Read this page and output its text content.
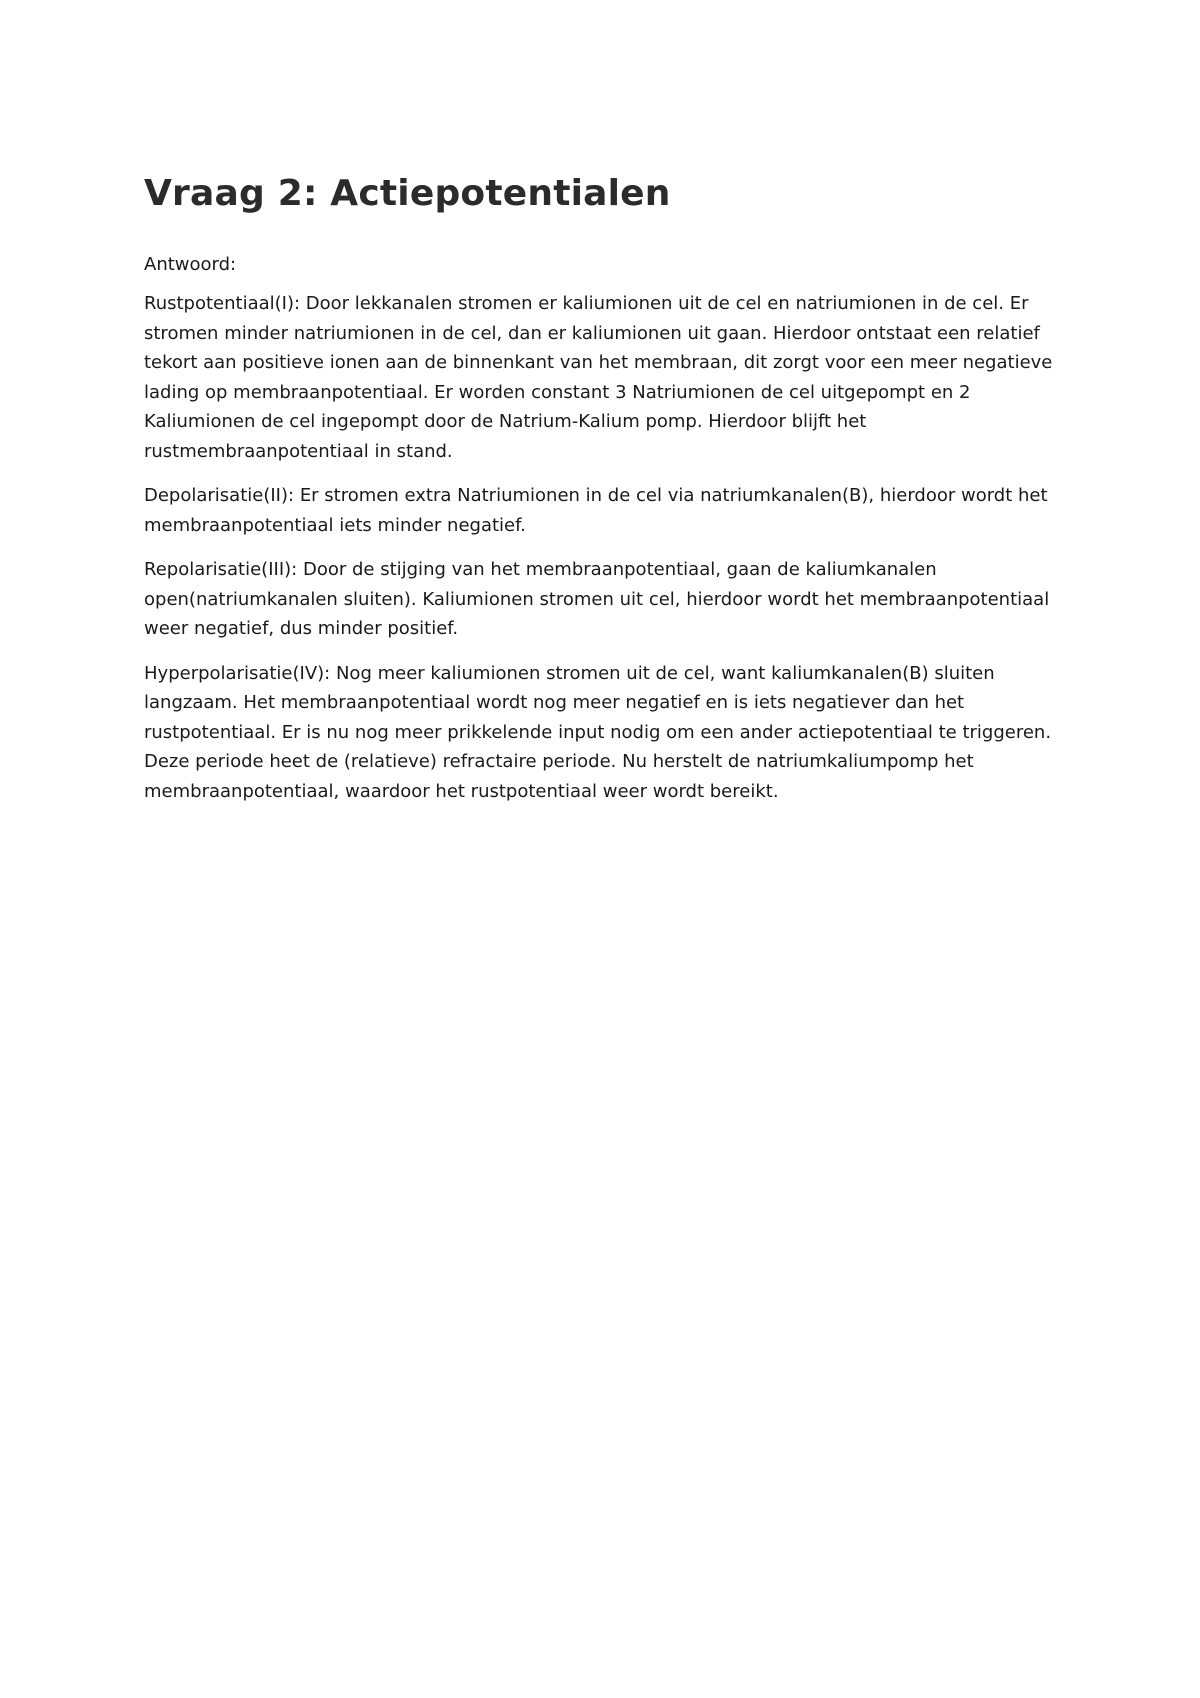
Vraag 2: Actiepotentialen

Antwoord:

Rustpotentiaal(I): Door lekkanalen stromen er kaliumionen uit de cel en natriumionen in de cel. Er stromen minder natriumionen in de cel, dan er kaliumionen uit gaan. Hierdoor ontstaat een relatief tekort aan positieve ionen aan de binnenkant van het membraan, dit zorgt voor een meer negatieve lading op membraanpotentiaal. Er worden constant 3 Natriumionen de cel uitgepompt en 2 Kaliumionen de cel ingepompt door de Natrium-Kalium pomp. Hierdoor blijft het rustmembraanpotentiaal in stand.

Depolarisatie(II): Er stromen extra Natriumionen in de cel via natriumkanalen(B), hierdoor wordt het membraanpotentiaal iets minder negatief.

Repolarisatie(III): Door de stijging van het membraanpotentiaal, gaan de kaliumkanalen open(natriumkanalen sluiten). Kaliumionen stromen uit cel, hierdoor wordt het membraanpotentiaal weer negatief, dus minder positief.

Hyperpolarisatie(IV): Nog meer kaliumionen stromen uit de cel, want kaliumkanalen(B) sluiten langzaam. Het membraanpotentiaal wordt nog meer negatief en is iets negatiever dan het rustpotentiaal. Er is nu nog meer prikkelende input nodig om een ander actiepotentiaal te triggeren. Deze periode heet de (relatieve) refractaire periode. Nu herstelt de natriumkaliumpomp het membraanpotentiaal, waardoor het rustpotentiaal weer wordt bereikt.
